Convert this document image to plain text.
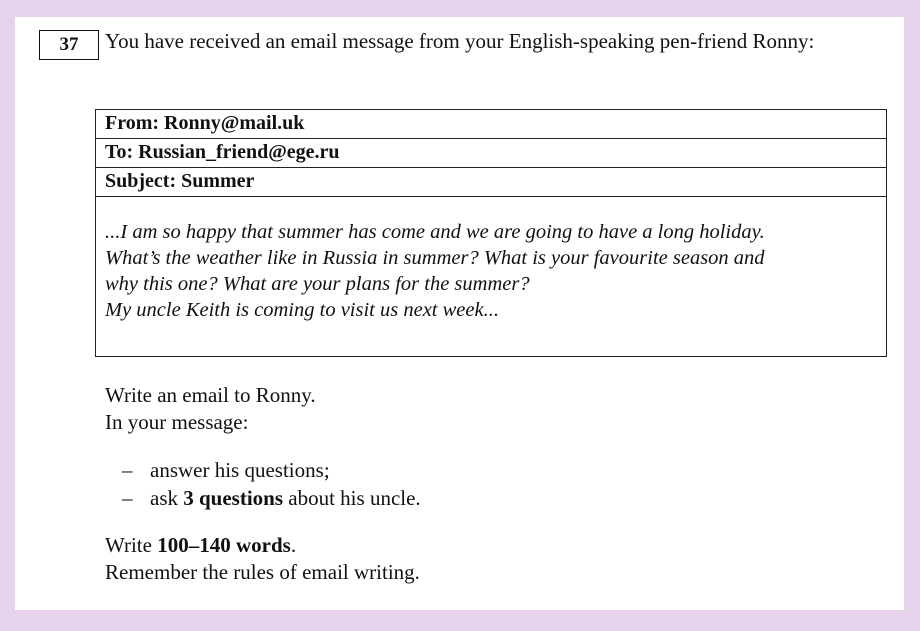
37	You have received an email message from your English-speaking pen-friend Ronny:

From: Ronny@mail.uk
To: Russian_friend@ege.ru
Subject: Summer
...I am so happy that summer has come and we are going to have a long holiday.
What’s the weather like in Russia in summer? What is your favourite season and
why this one? What are your plans for the summer?
My uncle Keith is coming to visit us next week...

Write an email to Ronny.

In your message:

– answer his questions;
– ask 3 questions about his uncle.

Write 100–140 words.

Remember the rules of email writing.
